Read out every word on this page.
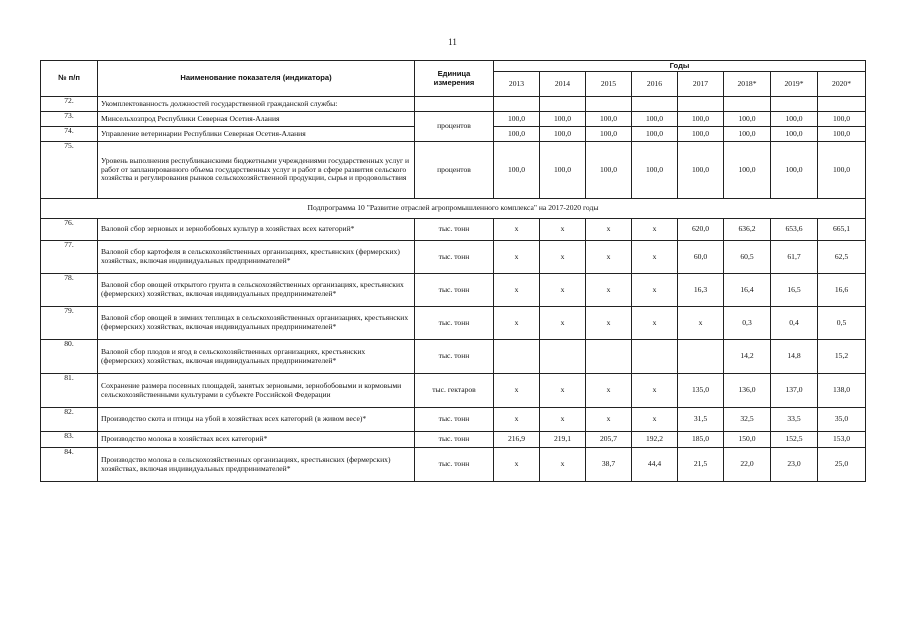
11
№ п/п	Наименование показателя (индикатора)	Единица измерения	Годы							
			2013	2014	2015	2016	2017	2018*	2019*	2020*
72.	Укомплектованность должностей государственной гражданской службы:									
73.	Минсельхозпрод Республики Северная Осетия-Алания	процентов	100,0	100,0	100,0	100,0	100,0	100,0	100,0	100,0
74.	Управление ветеринарии Республики Северная Осетия-Алания		100,0	100,0	100,0	100,0	100,0	100,0	100,0	100,0
75.	Уровень выполнения республиканскими бюджетными учреждениями государственных услуг и работ от запланированного объема государственных услуг и работ в сфере развития сельского хозяйства и регулирования рынков сельскохозяйственной продукции, сырья и продовольствия	процентов	100,0	100,0	100,0	100,0	100,0	100,0	100,0	100,0
Подпрограмма 10 "Развитие отраслей агропромышленного комплекса" на 2017-2020 годы										
76.	Валовой сбор зерновых и зернобобовых культур в хозяйствах всех категорий*	тыс. тонн	x	x	x	x	620,0	636,2	653,6	665,1
77.	Валовой сбор картофеля в сельскохозяйственных организациях, крестьянских (фермерских) хозяйствах, включая индивидуальных предпринимателей*	тыс. тонн	x	x	x	x	60,0	60,5	61,7	62,5
78.	Валовой сбор овощей открытого грунта в сельскохозяйственных организациях, крестьянских (фермерских) хозяйствах, включая индивидуальных предпринимателей*	тыс. тонн	x	x	x	x	16,3	16,4	16,5	16,6
79.	Валовой сбор овощей в зимних теплицах в сельскохозяйственных организациях, крестьянских (фермерских) хозяйствах, включая индивидуальных предпринимателей*	тыс. тонн	x	x	x	x	x	0,3	0,4	0,5
80.	Валовой сбор плодов и ягод в сельскохозяйственных организациях, крестьянских (фермерских) хозяйствах, включая индивидуальных предпринимателей*	тыс. тонн						14,2	14,8	15,2
81.	Сохранение размера посевных площадей, занятых зерновыми, зернобобовыми и кормовыми сельскохозяйственными культурами в субъекте Российской Федерации	тыс. гектаров	x	x	x	x	135,0	136,0	137,0	138,0
82.	Производство скота и птицы на убой в хозяйствах всех категорий (в живом весе)*	тыс. тонн	x	x	x	x	31,5	32,5	33,5	35,0
83.	Производство молока в хозяйствах всех категорий*	тыс. тонн	216,9	219,1	205,7	192,2	185,0	150,0	152,5	153,0
84.	Производство молока в сельскохозяйственных организациях, крестьянских (фермерских) хозяйствах, включая индивидуальных предпринимателей*	тыс. тонн	x	x	38,7	44,4	21,5	22,0	23,0	25,0
